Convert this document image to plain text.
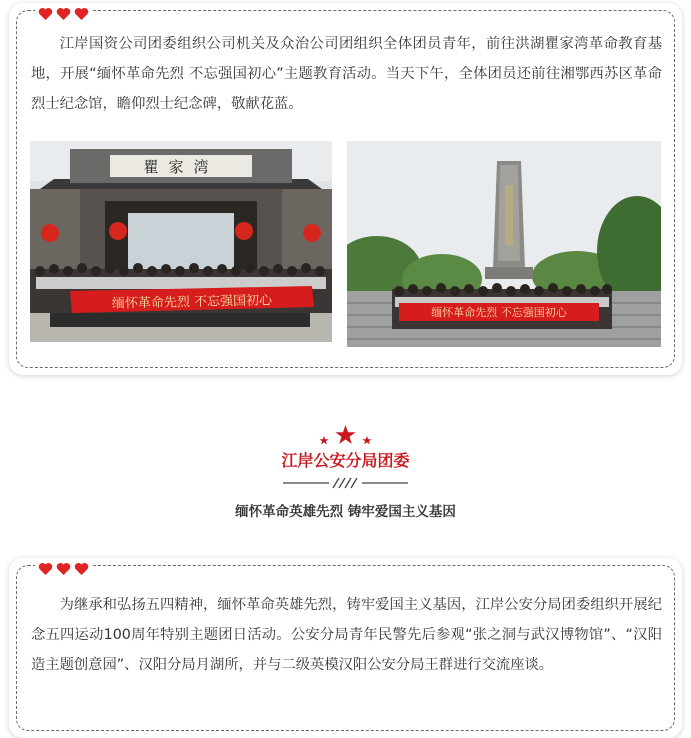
江岸国资公司团委组织公司机关及众治公司团组织全体团员青年，前往洪湖瞿家湾革命教育基地，开展“缅怀革命先烈 不忘强国初心”主题教育活动。当天下午，全体团员还前往湘鄂西苏区革命烈士纪念馆，瞻仰烈士纪念碑，敬献花蓝。

瞿家湾
缅怀革命先烈 不忘强国初心
缅怀革命先烈 不忘强国初心
江岸公安分局团委
缅怀革命英雄先烈 铸牢爱国主义基因

为继承和弘扬五四精神，缅怀革命英雄先烈，铸牢爱国主义基因，江岸公安分局团委组织开展纪念五四运动100周年特别主题团日活动。公安分局青年民警先后参观“张之洞与武汉博物馆”、“汉阳造主题创意园”、汉阳分局月湖所，并与二级英模汉阳公安分局王群进行交流座谈。
